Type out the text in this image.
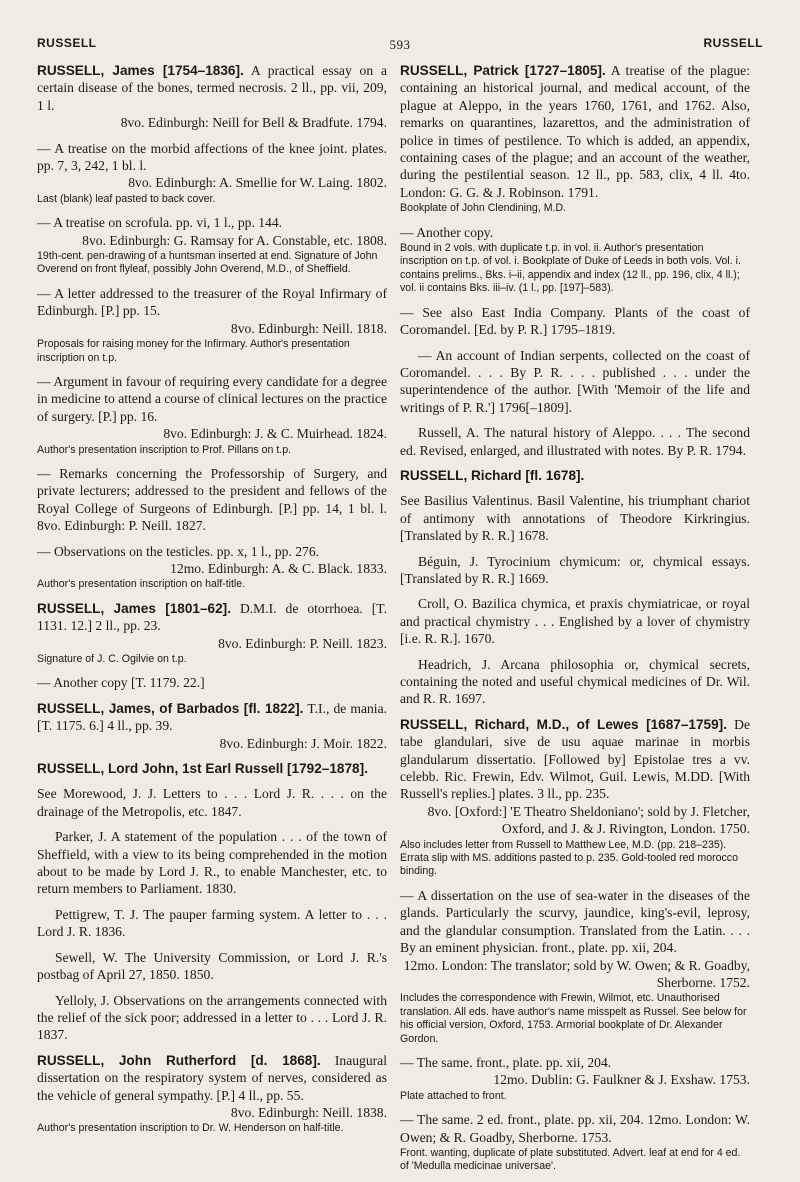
RUSSELL	593	RUSSELL
RUSSELL, James [1754–1836]. A practical essay on a certain disease of the bones, termed necrosis. 2 ll., pp. vii, 209, 1 l.
8vo. Edinburgh: Neill for Bell & Bradfute. 1794.
— A treatise on the morbid affections of the knee joint. plates. pp. 7, 3, 242, 1 bl. l.
8vo. Edinburgh: A. Smellie for W. Laing. 1802.
Last (blank) leaf pasted to back cover.
— A treatise on scrofula. pp. vi, 1 l., pp. 144.
8vo. Edinburgh: G. Ramsay for A. Constable, etc. 1808.
19th-cent. pen-drawing of a huntsman inserted at end. Signature of John Overend on front flyleaf, possibly John Overend, M.D., of Sheffield.
— A letter addressed to the treasurer of the Royal Infirmary of Edinburgh. [P.] pp. 15.
8vo. Edinburgh: Neill. 1818.
Proposals for raising money for the Infirmary. Author's presentation inscription on t.p.
— Argument in favour of requiring every candidate for a degree in medicine to attend a course of clinical lectures on the practice of surgery. [P.] pp. 16.
8vo. Edinburgh: J. & C. Muirhead. 1824.
Author's presentation inscription to Prof. Pillans on t.p.
— Remarks concerning the Professorship of Surgery, and private lecturers; addressed to the president and fellows of the Royal College of Surgeons of Edinburgh. [P.] pp. 14, 1 bl. l. 8vo. Edinburgh: P. Neill. 1827.
— Observations on the testicles. pp. x, 1 l., pp. 276.
12mo. Edinburgh: A. & C. Black. 1833.
Author's presentation inscription on half-title.
RUSSELL, James [1801–62]. D.M.I. de otorrhoea. [T. 1131. 12.] 2 ll., pp. 23.
8vo. Edinburgh: P. Neill. 1823.
Signature of J. C. Ogilvie on t.p.
— Another copy [T. 1179. 22.]
RUSSELL, James, of Barbados [fl. 1822]. T.I., de mania. [T. 1175. 6.] 4 ll., pp. 39.
8vo. Edinburgh: J. Moir. 1822.
RUSSELL, Lord John, 1st Earl Russell [1792–1878].
See Morewood, J. J. Letters to . . . Lord J. R. . . . on the drainage of the Metropolis, etc. 1847.
Parker, J. A statement of the population . . . of the town of Sheffield, with a view to its being comprehended in the motion about to be made by Lord J. R., to enable Manchester, etc. to return members to Parliament. 1830.
Pettigrew, T. J. The pauper farming system. A letter to . . . Lord J. R. 1836.
Sewell, W. The University Commission, or Lord J. R.'s postbag of April 27, 1850. 1850.
Yelloly, J. Observations on the arrangements connected with the relief of the sick poor; addressed in a letter to . . . Lord J. R. 1837.
RUSSELL, John Rutherford [d. 1868]. Inaugural dissertation on the respiratory system of nerves, considered as the vehicle of general sympathy. [P.] 4 ll., pp. 55.
8vo. Edinburgh: Neill. 1838.
Author's presentation inscription to Dr. W. Henderson on half-title.
RUSSELL, Patrick [1727–1805]. A treatise of the plague: containing an historical journal, and medical account, of the plague at Aleppo, in the years 1760, 1761, and 1762. Also, remarks on quarantines, lazarettos, and the administration of police in times of pestilence. To which is added, an appendix, containing cases of the plague; and an account of the weather, during the pestilential season. 12 ll., pp. 583, clix, 4 ll. 4to. London: G. G. & J. Robinson. 1791.
Bookplate of John Clendining, M.D.
— Another copy.
Bound in 2 vols. with duplicate t.p. in vol. ii. Author's presentation inscription on t.p. of vol. i. Bookplate of Duke of Leeds in both vols. Vol. i. contains prelims., Bks. i–ii, appendix and index (12 ll., pp. 196, clix, 4 ll.); vol. ii contains Bks. iii–iv. (1 l., pp. [197]–583).
— See also East India Company. Plants of the coast of Coromandel. [Ed. by P. R.] 1795–1819.
— An account of Indian serpents, collected on the coast of Coromandel. . . . By P. R. . . . published . . . under the superintendence of the author. [With 'Memoir of the life and writings of P. R.'] 1796[–1809].
Russell, A. The natural history of Aleppo. . . . The second ed. Revised, enlarged, and illustrated with notes. By P. R. 1794.
RUSSELL, Richard [fl. 1678].
See Basilius Valentinus. Basil Valentine, his triumphant chariot of antimony with annotations of Theodore Kirkringius. [Translated by R. R.] 1678.
Béguin, J. Tyrocinium chymicum: or, chymical essays. [Translated by R. R.] 1669.
Croll, O. Bazilica chymica, et praxis chymiatricae, or royal and practical chymistry . . . Englished by a lover of chymistry [i.e. R. R.]. 1670.
Headrich, J. Arcana philosophia or, chymical secrets, containing the noted and useful chymical medicines of Dr. Wil. and R. R. 1697.
RUSSELL, Richard, M.D., of Lewes [1687–1759]. De tabe glandulari, sive de usu aquae marinae in morbis glandularum dissertatio. [Followed by] Epistolae tres a vv. celebb. Ric. Frewin, Edv. Wilmot, Guil. Lewis, M.DD. [With Russell's replies.] plates. 3 ll., pp. 235.
8vo. [Oxford:] 'E Theatro Sheldoniano'; sold by J. Fletcher, Oxford, and J. & J. Rivington, London. 1750.
Also includes letter from Russell to Matthew Lee, M.D. (pp. 218–235). Errata slip with MS. additions pasted to p. 235. Gold-tooled red morocco binding.
— A dissertation on the use of sea-water in the diseases of the glands. Particularly the scurvy, jaundice, king's-evil, leprosy, and the glandular consumption. Translated from the Latin. . . . By an eminent physician. front., plate. pp. xii, 204.
12mo. London: The translator; sold by W. Owen; & R. Goadby, Sherborne. 1752.
Includes the correspondence with Frewin, Wilmot, etc. Unauthorised translation. All eds. have author's name misspelt as Russel. See below for his official version, Oxford, 1753. Armorial bookplate of Dr. Alexander Gordon.
— The same. front., plate. pp. xii, 204.
12mo. Dublin: G. Faulkner & J. Exshaw. 1753.
Plate attached to front.
— The same. 2 ed. front., plate. pp. xii, 204. 12mo. London: W. Owen; & R. Goadby, Sherborne. 1753.
Front. wanting, duplicate of plate substituted. Advert. leaf at end for 4 ed. of 'Medulla medicinae universae'.
